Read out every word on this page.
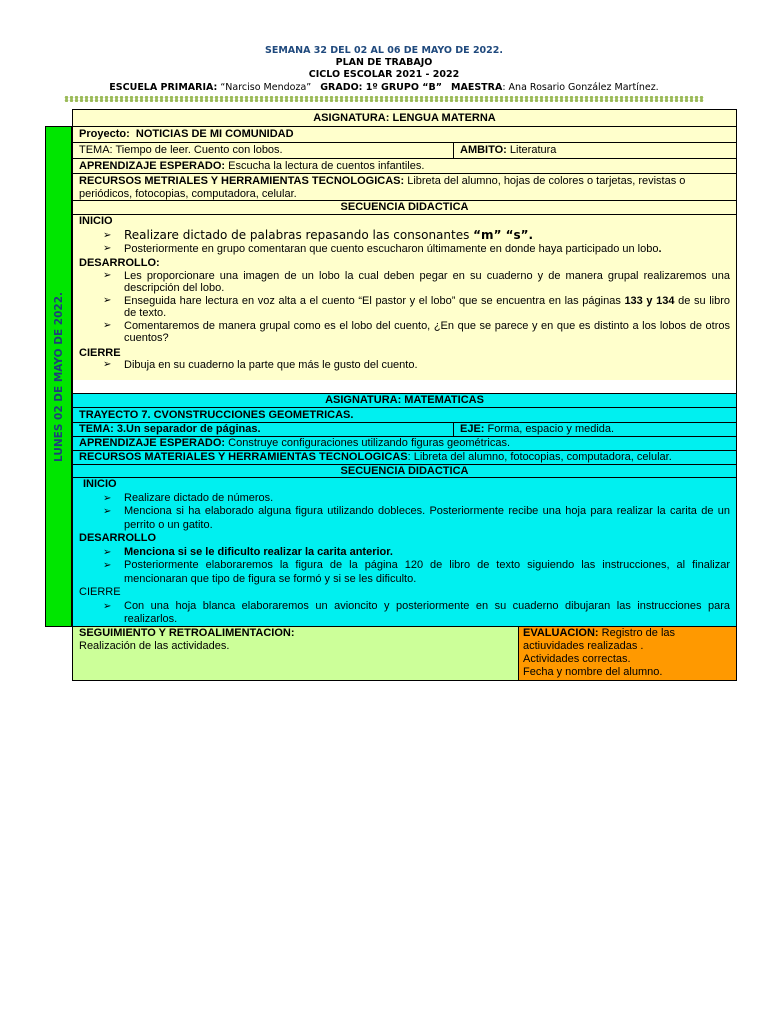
SEMANA 32 DEL 02 AL 06 DE MAYO DE 2022.
PLAN DE TRABAJO
CICLO ESCOLAR 2021 - 2022
ESCUELA PRIMARIA: “Narciso Mendoza” GRADO: 1º GRUPO “B” MAESTRA: Ana Rosario González Martínez.
LUNES 02 DE MAYO DE 2022.
ASIGNATURA: LENGUA MATERNA
Proyecto: NOTICIAS DE MI COMUNIDAD
TEMA: Tiempo de leer. Cuento con lobos.	AMBITO: Literatura
APRENDIZAJE ESPERADO: Escucha la lectura de cuentos infantiles.
RECURSOS METRIALES Y HERRAMIENTAS TECNOLOGICAS: Libreta del alumno, hojas de colores o tarjetas, revistas o periódicos, fotocopias, computadora, celular.
SECUENCIA DIDACTICA
INICIO
➢ Realizare dictado de palabras repasando las consonantes “m” “s”.
➢ Posteriormente en grupo comentaran que cuento escucharon últimamente en donde haya participado un lobo.
DESARROLLO:
➢ Les proporcionare una imagen de un lobo la cual deben pegar en su cuaderno y de manera grupal realizaremos una descripción del lobo.
➢ Enseguida hare lectura en voz alta a el cuento “El pastor y el lobo” que se encuentra en las páginas 133 y 134 de su libro de texto.
➢ Comentaremos de manera grupal como es el lobo del cuento, ¿En que se parece y en que es distinto a los lobos de otros cuentos?
CIERRE
➢ Dibuja en su cuaderno la parte que más le gusto del cuento.
ASIGNATURA: MATEMATICAS
TRAYECTO 7. CVONSTRUCCIONES GEOMETRICAS.
TEMA: 3.Un separador de páginas.	EJE: Forma, espacio y medida.
APRENDIZAJE ESPERADO: Construye configuraciones utilizando figuras geométricas.
RECURSOS MATERIALES Y HERRAMIENTAS TECNOLOGICAS: Libreta del alumno, fotocopias, computadora, celular.
SECUENCIA DIDACTICA
INICIO
➢ Realizare dictado de números.
➢ Menciona si ha elaborado alguna figura utilizando dobleces. Posteriormente recibe una hoja para realizar la carita de un perrito o un gatito.
DESARROLLO
➢ Menciona si se le dificulto realizar la carita anterior.
➢ Posteriormente elaboraremos la figura de la página 120 de libro de texto siguiendo las instrucciones, al finalizar mencionaran que tipo de figura se formó y si se les dificulto.
CIERRE
➢ Con una hoja blanca elaboraremos un avioncito y posteriormente en su cuaderno dibujaran las instrucciones para realizarlos.
SEGUIMIENTO Y RETROALIMENTACION:
Realización de las actividades.
EVALUACION: Registro de las actiuvidades realizadas .
Actividades correctas.
Fecha y nombre del alumno.
